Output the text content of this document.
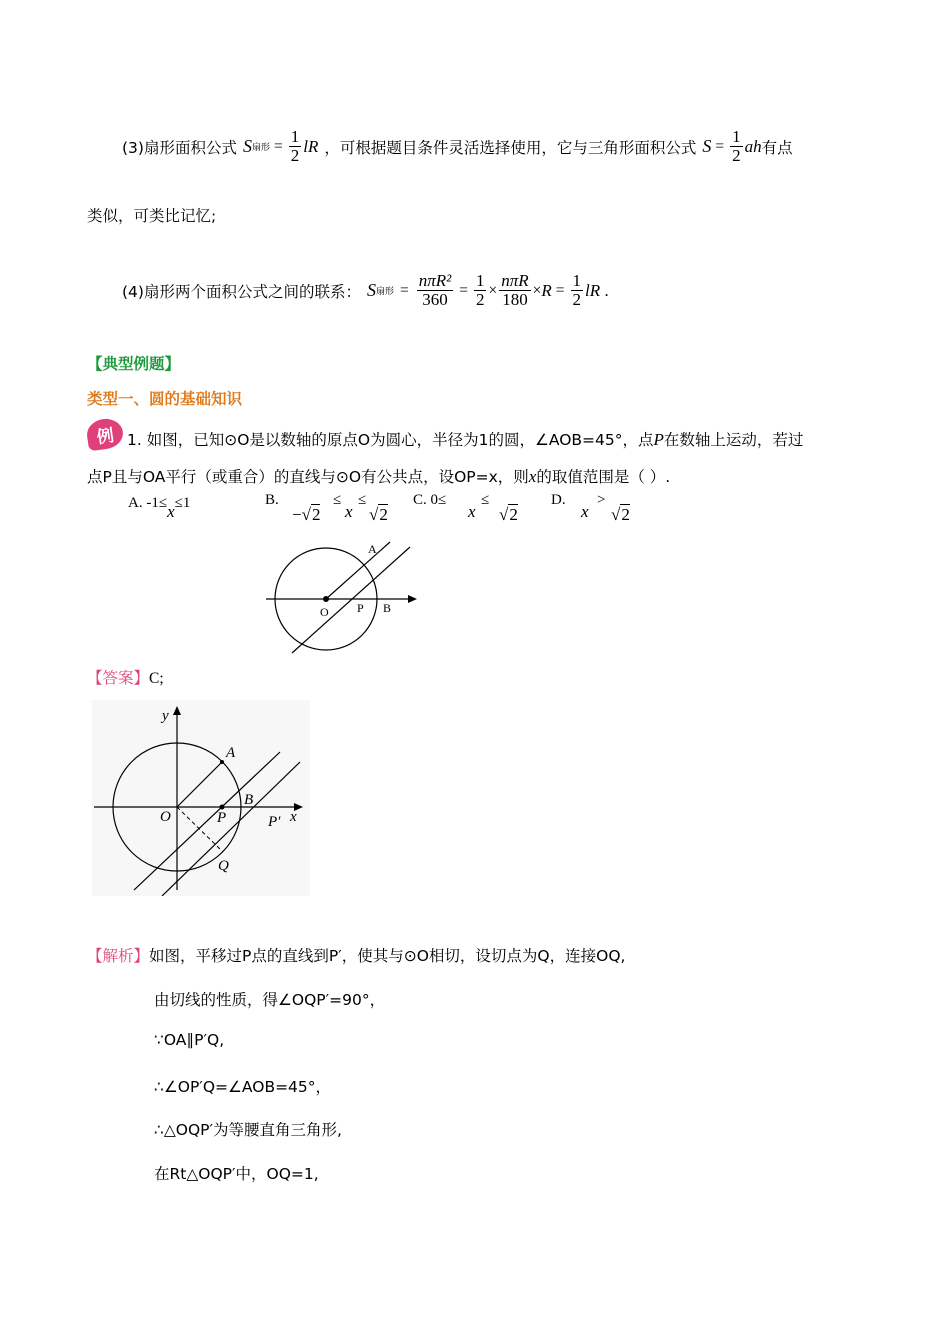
(3)扇形面积公式 S 扇形 = $\frac{1}{2}$ lR ，可根据题目条件灵活选择使用，它与三角形面积公式 $S = \frac{1}{2}$ ah 有点
类似，可类比记忆;
(4)扇形两个面积公式之间的联系： S 扇形 = $\frac{\text{nπR²}}{360} = \frac{1}{2} \times \frac{\text{nπR}}{180} \times R = \frac{1}{2}$ lR .
【典型例题】
类型一、圆的基础知识
例 1. 如图，已知⊙O是以数轴的原点O为圆心，半径为1的圆，∠AOB=45°，点P在数轴上运动，若过
点P且与OA平行（或重合）的直线与⊙O有公共点，设OP=x，则x的取值范围是（ ）.
A. -1≤x≤1	B.
−√2
≤
x
≤
√2
C. 0≤
x
≤
√2
D.
x
>
√2
A
O P B
【答案】C;
y
A
B
O	P	P′ x
Q
【解析】如图，平移过P点的直线到P′，使其与⊙O相切，设切点为Q，连接OQ,
由切线的性质，得∠OQP′=90°，
∵OA∥P′Q,
∴∠OP′Q=∠AOB=45°，
∴△OQP′为等腰直角三角形,
在Rt△OQP′中，OQ=1,
